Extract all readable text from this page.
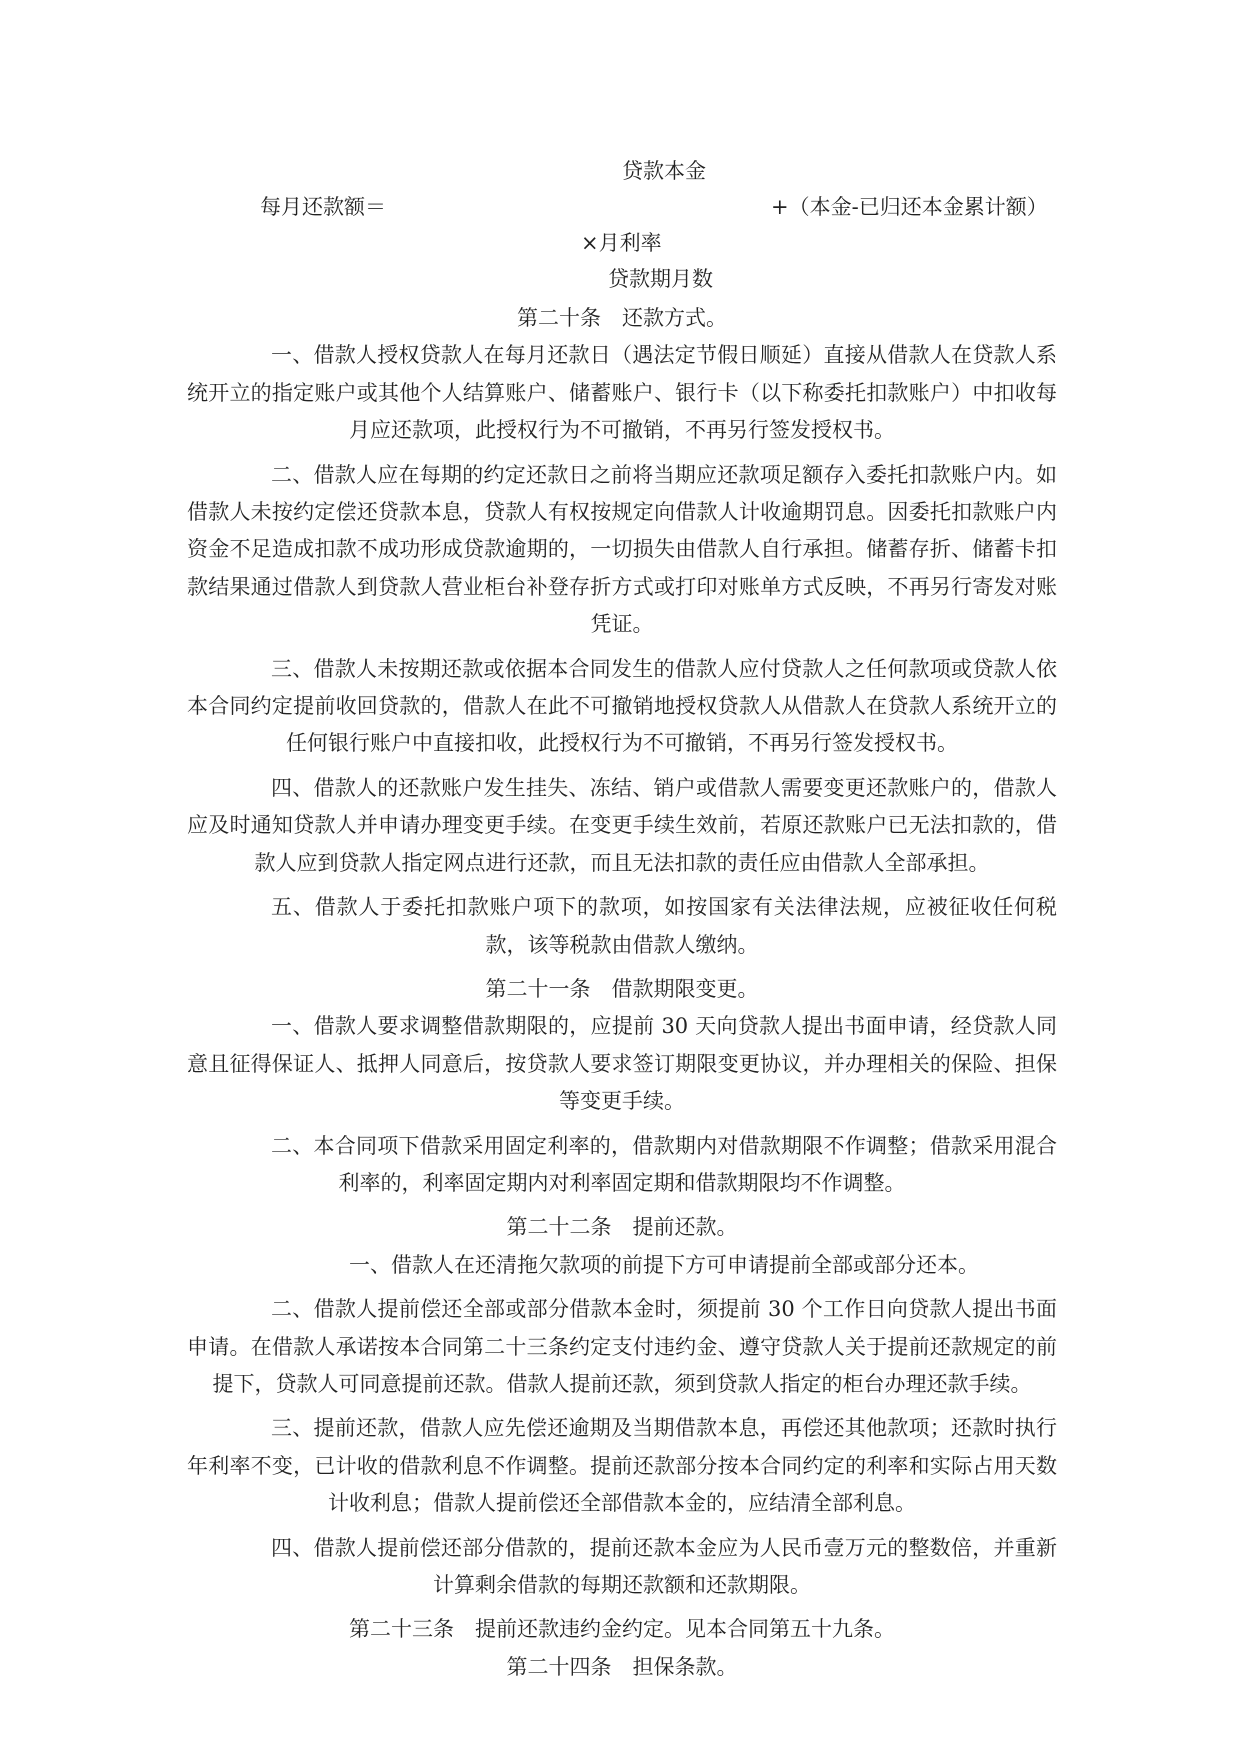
贷款本金
每月还款额＝	+（本金-已归还本金累计额）
×月利率
贷款期月数
第二十条　还款方式。
一、借款人授权贷款人在每月还款日（遇法定节假日顺延）直接从借款人在贷款人系统开立的指定账户或其他个人结算账户、储蓄账户、银行卡（以下称委托扣款账户）中扣收每月应还款项，此授权行为不可撤销，不再另行签发授权书。
二、借款人应在每期的约定还款日之前将当期应还款项足额存入委托扣款账户内。如借款人未按约定偿还贷款本息，贷款人有权按规定向借款人计收逾期罚息。因委托扣款账户内资金不足造成扣款不成功形成贷款逾期的，一切损失由借款人自行承担。储蓄存折、储蓄卡扣款结果通过借款人到贷款人营业柜台补登存折方式或打印对账单方式反映，不再另行寄发对账凭证。
三、借款人未按期还款或依据本合同发生的借款人应付贷款人之任何款项或贷款人依本合同约定提前收回贷款的，借款人在此不可撤销地授权贷款人从借款人在贷款人系统开立的任何银行账户中直接扣收，此授权行为不可撤销，不再另行签发授权书。
四、借款人的还款账户发生挂失、冻结、销户或借款人需要变更还款账户的，借款人应及时通知贷款人并申请办理变更手续。在变更手续生效前，若原还款账户已无法扣款的，借款人应到贷款人指定网点进行还款，而且无法扣款的责任应由借款人全部承担。
五、借款人于委托扣款账户项下的款项，如按国家有关法律法规，应被征收任何税款，该等税款由借款人缴纳。
第二十一条　借款期限变更。
一、借款人要求调整借款期限的，应提前 30 天向贷款人提出书面申请，经贷款人同意且征得保证人、抵押人同意后，按贷款人要求签订期限变更协议，并办理相关的保险、担保等变更手续。
二、本合同项下借款采用固定利率的，借款期内对借款期限不作调整；借款采用混合利率的，利率固定期内对利率固定期和借款期限均不作调整。
第二十二条　提前还款。
一、借款人在还清拖欠款项的前提下方可申请提前全部或部分还本。
二、借款人提前偿还全部或部分借款本金时，须提前 30 个工作日向贷款人提出书面申请。在借款人承诺按本合同第二十三条约定支付违约金、遵守贷款人关于提前还款规定的前提下，贷款人可同意提前还款。借款人提前还款，须到贷款人指定的柜台办理还款手续。
三、提前还款，借款人应先偿还逾期及当期借款本息，再偿还其他款项；还款时执行年利率不变，已计收的借款利息不作调整。提前还款部分按本合同约定的利率和实际占用天数计收利息；借款人提前偿还全部借款本金的，应结清全部利息。
四、借款人提前偿还部分借款的，提前还款本金应为人民币壹万元的整数倍，并重新计算剩余借款的每期还款额和还款期限。
第二十三条　提前还款违约金约定。见本合同第五十九条。
第二十四条　担保条款。
